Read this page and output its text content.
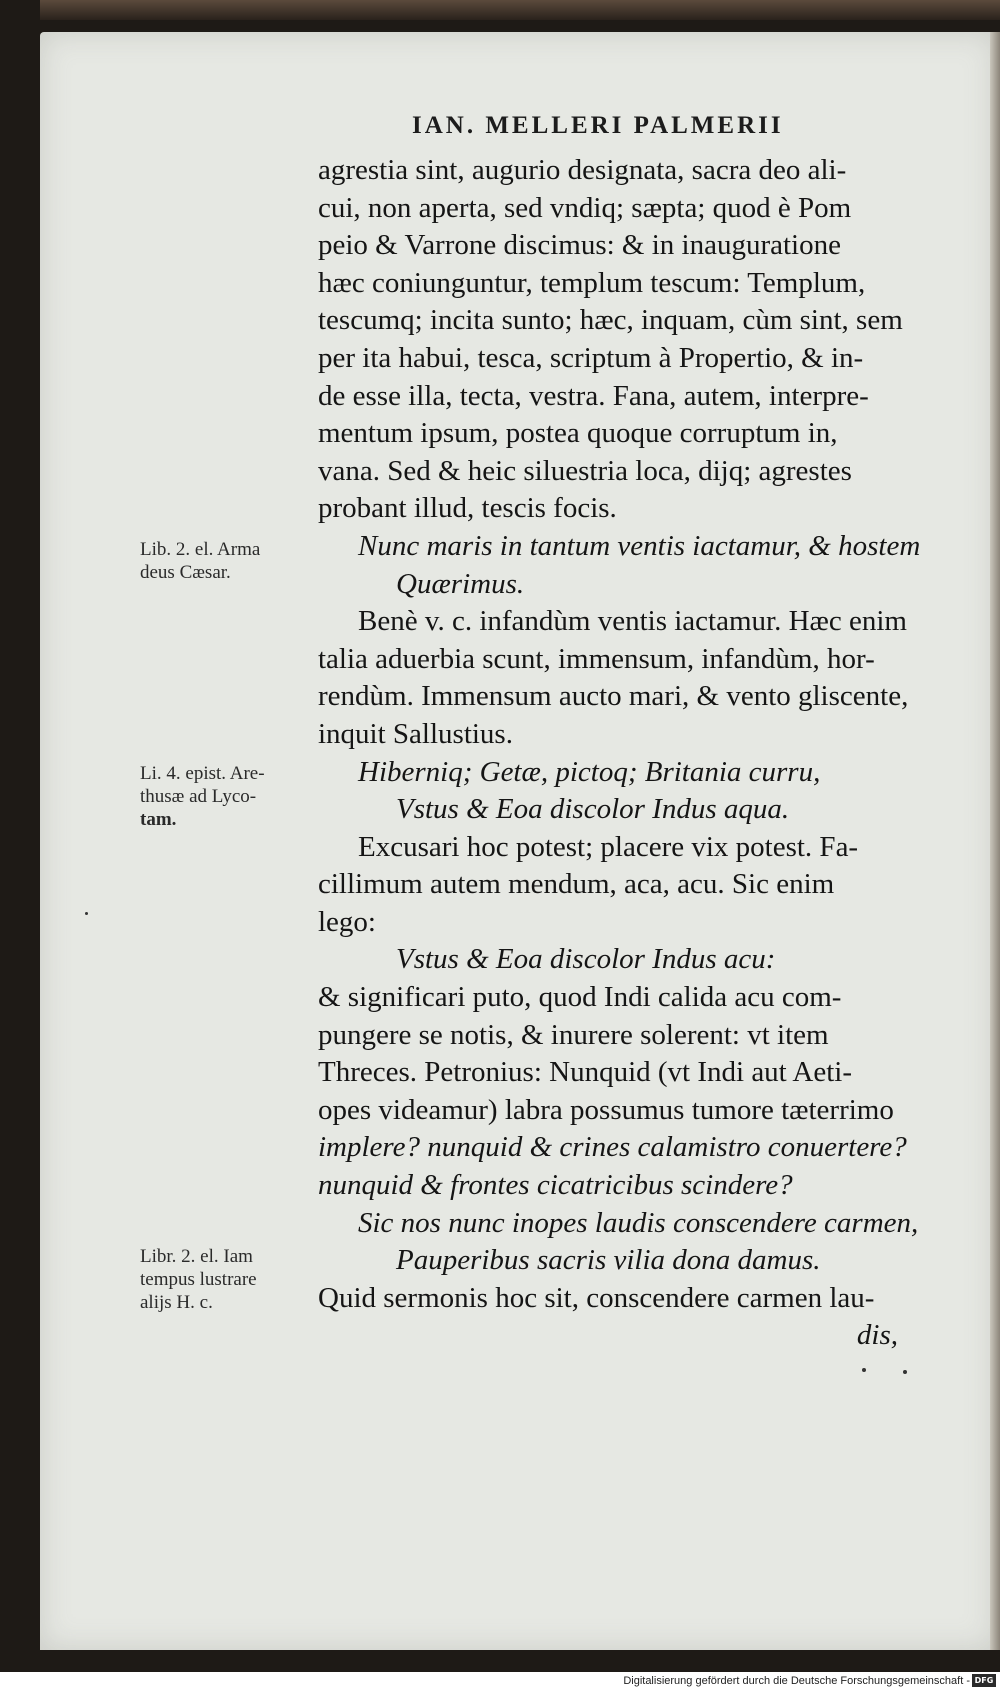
IAN. MELLERI PALMERII
agrestia sint, augurio designata, sacra deo ali-
cui, non aperta, sed vndiq; sæpta; quod è Pom
peio & Varrone discimus: & in inauguratione
hæc coniunguntur, templum tescum: Templum,
tescumq; incita sunto; hæc, inquam, cùm sint, sem
per ita habui, tesca, scriptum à Propertio, & in-
de esse illa, tecta, vestra. Fana, autem, interpre-
mentum ipsum, postea quoque corruptum in,
vana. Sed & heic siluestria loca, dijq; agrestes
probant illud, tescis focis.
Nunc maris in tantum ventis iactamur, & hostem
Quærimus.
Benè v. c. infandùm ventis iactamur. Hæc enim
talia aduerbia scunt, immensum, infandùm, hor-
rendùm. Immensum aucto mari, & vento gliscente,
inquit Sallustius.
Hiberniq; Getæ, pictoq; Britania curru,
Vstus & Eoa discolor Indus aqua.
Excusari hoc potest; placere vix potest. Fa-
cillimum autem mendum, aca, acu. Sic enim
lego:
Vstus & Eoa discolor Indus acu:
& significari puto, quod Indi calida acu com-
pungere se notis, & inurere solerent: vt item
Threces. Petronius: Nunquid (vt Indi aut Aeti-
opes videamur) labra possumus tumore tæterrimo
implere? nunquid & crines calamistro conuertere?
nunquid & frontes cicatricibus scindere?
Sic nos nunc inopes laudis conscendere carmen,
Pauperibus sacris vilia dona damus.
Quid sermonis hoc sit, conscendere carmen lau-
dis,
Lib. 2. el. Arma
deus Cæsar.
Li. 4. epist. Are-
thusæ ad Lyco-
tam.
Libr. 2. el. Iam
tempus lustrare
alijs H. c.
Digitalisierung gefördert durch die Deutsche Forschungsgemeinschaft - DFG
